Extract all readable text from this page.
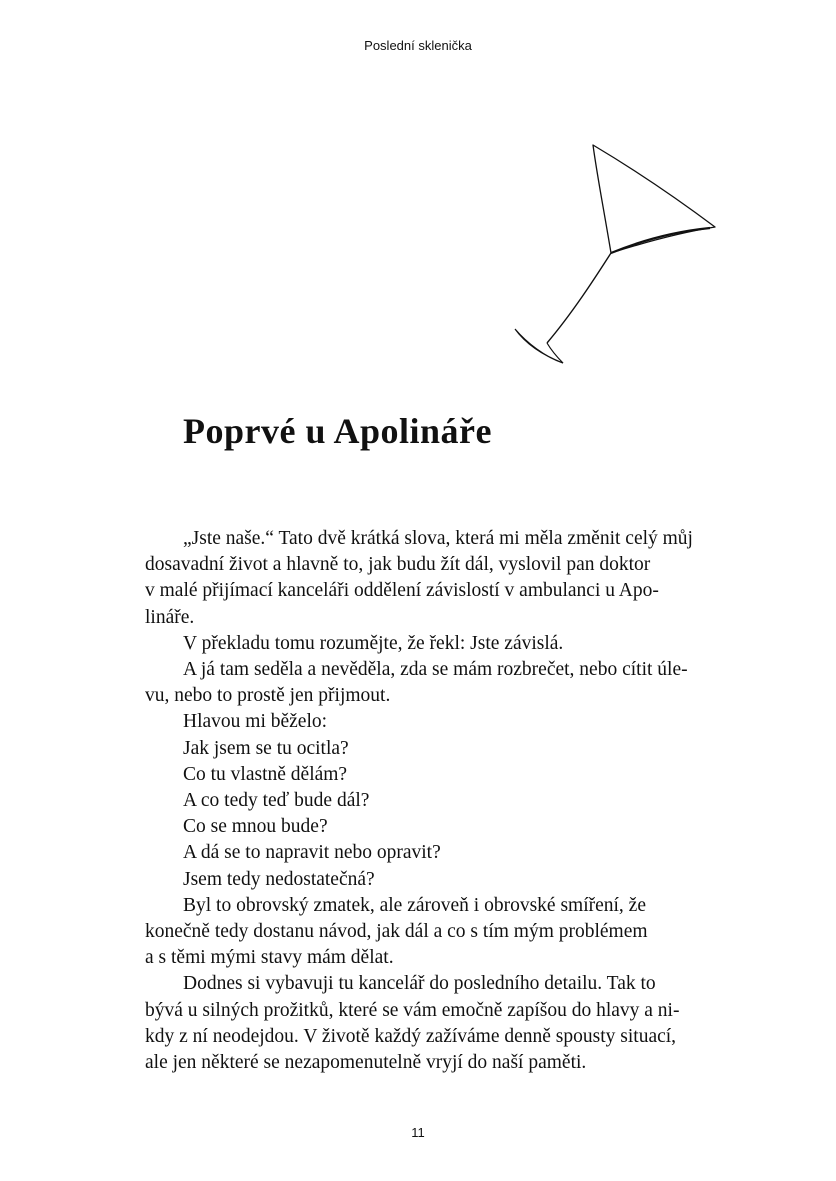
Poslední sklenička
Poprvé u Apolináře

„Jste naše.“ Tato dvě krátká slova, která mi měla změnit celý můj
dosavadní život a hlavně to, jak budu žít dál, vyslovil pan doktor
v malé přijímací kanceláři oddělení závislostí v ambulanci u Apo-
lináře.

V překladu tomu rozumějte, že řekl: Jste závislá.

A já tam seděla a nevěděla, zda se mám rozbrečet, nebo cítit úle-
vu, nebo to prostě jen přijmout.

Hlavou mi běželo:

Jak jsem se tu ocitla?

Co tu vlastně dělám?

A co tedy teď bude dál?

Co se mnou bude?

A dá se to napravit nebo opravit?

Jsem tedy nedostatečná?

Byl to obrovský zmatek, ale zároveň i obrovské smíření, že
konečně tedy dostanu návod, jak dál a co s tím mým problémem
a s těmi mými stavy mám dělat.

Dodnes si vybavuji tu kancelář do posledního detailu. Tak to
bývá u silných prožitků, které se vám emočně zapíšou do hlavy a ni-
kdy z ní neodejdou. V životě každý zažíváme denně spousty situací,
ale jen některé se nezapomenutelně vryjí do naší paměti.

11
